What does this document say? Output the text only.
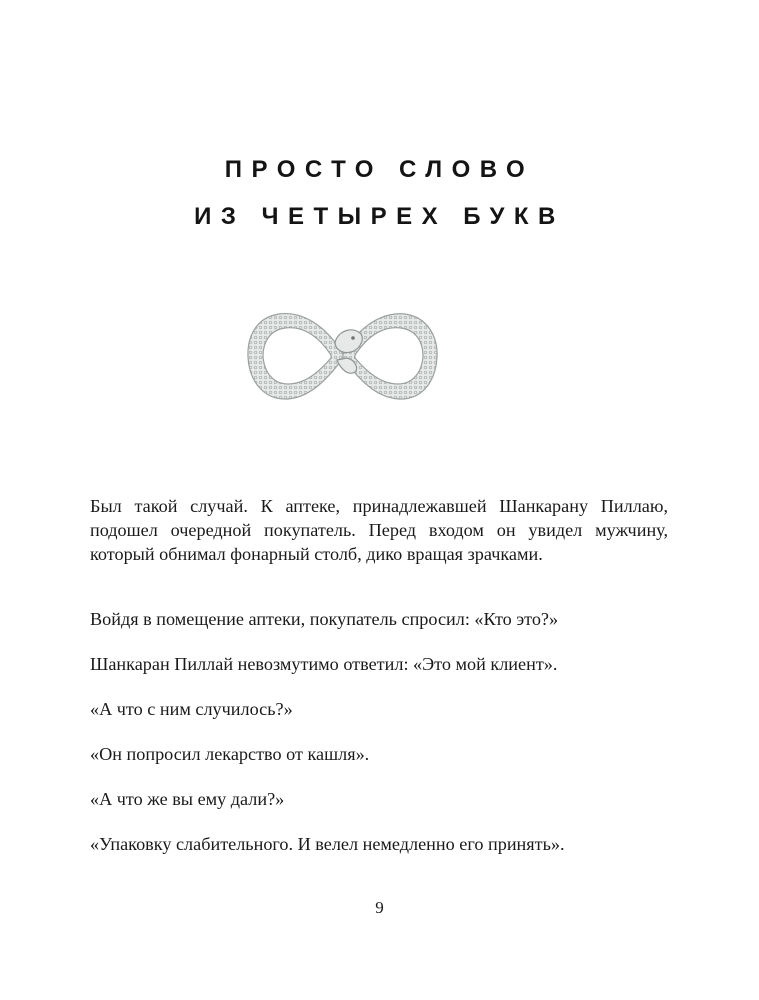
ПРОСТО СЛОВО
ИЗ ЧЕТЫРЕХ БУКВ
Был такой случай. К аптеке, принадлежавшей Шанкарану Пиллаю, подошел очередной покупатель. Перед входом он увидел мужчину, который обнимал фонарный столб, дико вращая зрачками.
Войдя в помещение аптеки, покупатель спросил: «Кто это?»
Шанкаран Пиллай невозмутимо ответил: «Это мой клиент».
«А что с ним случилось?»
«Он попросил лекарство от кашля».
«А что же вы ему дали?»
«Упаковку слабительного. И велел немедленно его принять».
9
